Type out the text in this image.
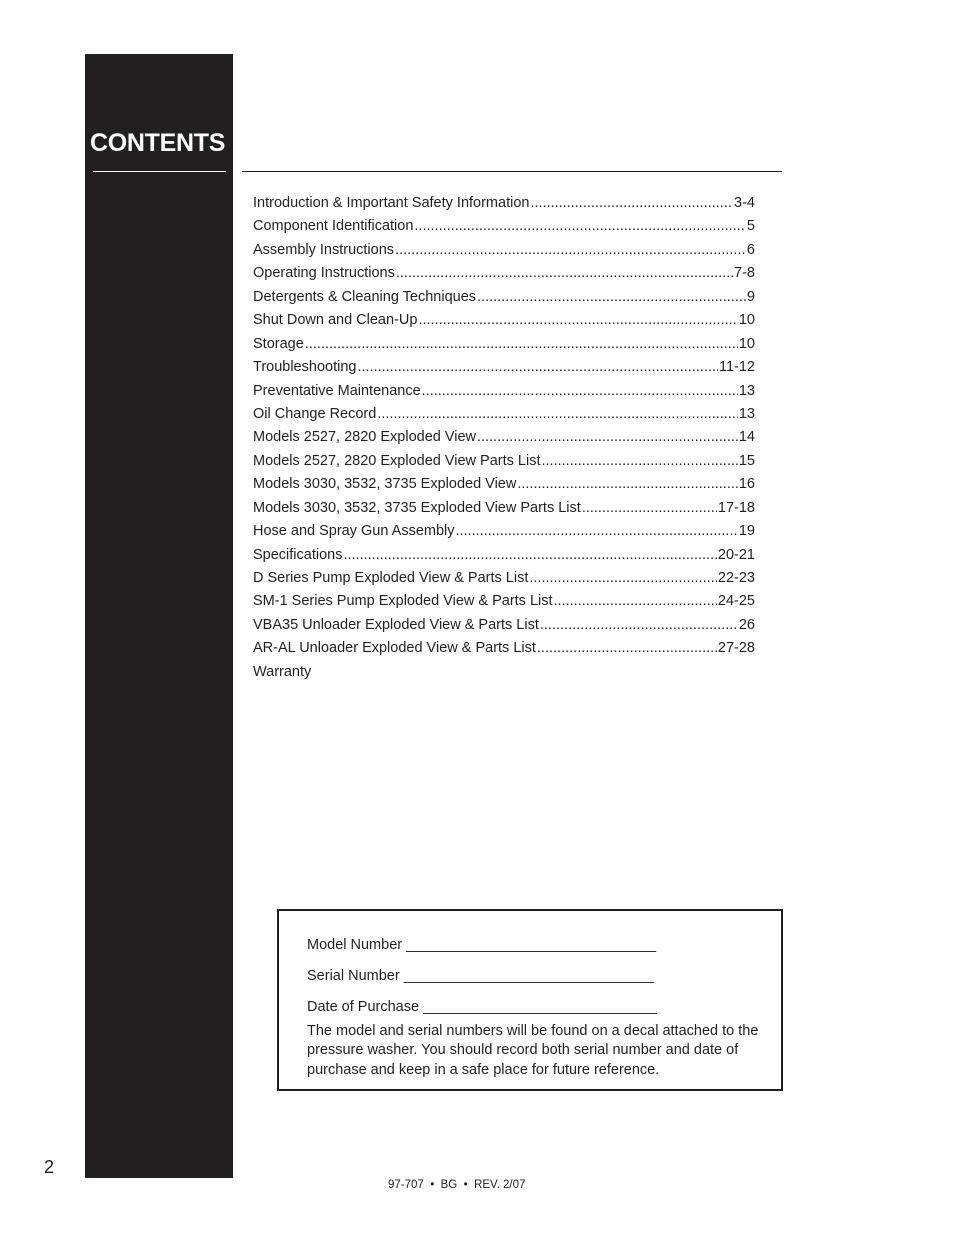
CONTENTS
Introduction & Important Safety Information .....	3-4
Component Identification .....	5
Assembly Instructions .....	6
Operating Instructions .....	7-8
Detergents & Cleaning Techniques .....	9
Shut Down and Clean-Up .....	10
Storage .....	10
Troubleshooting .....	11-12
Preventative Maintenance .....	13
Oil Change Record .....	13
Models 2527, 2820 Exploded View .....	14
Models 2527, 2820 Exploded View Parts List .....	15
Models 3030, 3532, 3735 Exploded View .....	16
Models 3030, 3532, 3735 Exploded View Parts List .....	17-18
Hose and Spray Gun Assembly .....	19
Specifications .....	20-21
D Series Pump Exploded View & Parts List .....	22-23
SM-1 Series Pump Exploded View & Parts List .....	24-25
VBA35 Unloader Exploded View & Parts List .....	26
AR-AL Unloader Exploded View & Parts List .....	27-28
Warranty
Model Number _______________________________
Serial Number _______________________________
Date of Purchase _____________________________
The model and serial numbers will be found on a decal attached to the pressure washer. You should record both serial number and date of purchase and keep in a safe place for future reference.
2
97-707  •  BG  •  REV. 2/07
